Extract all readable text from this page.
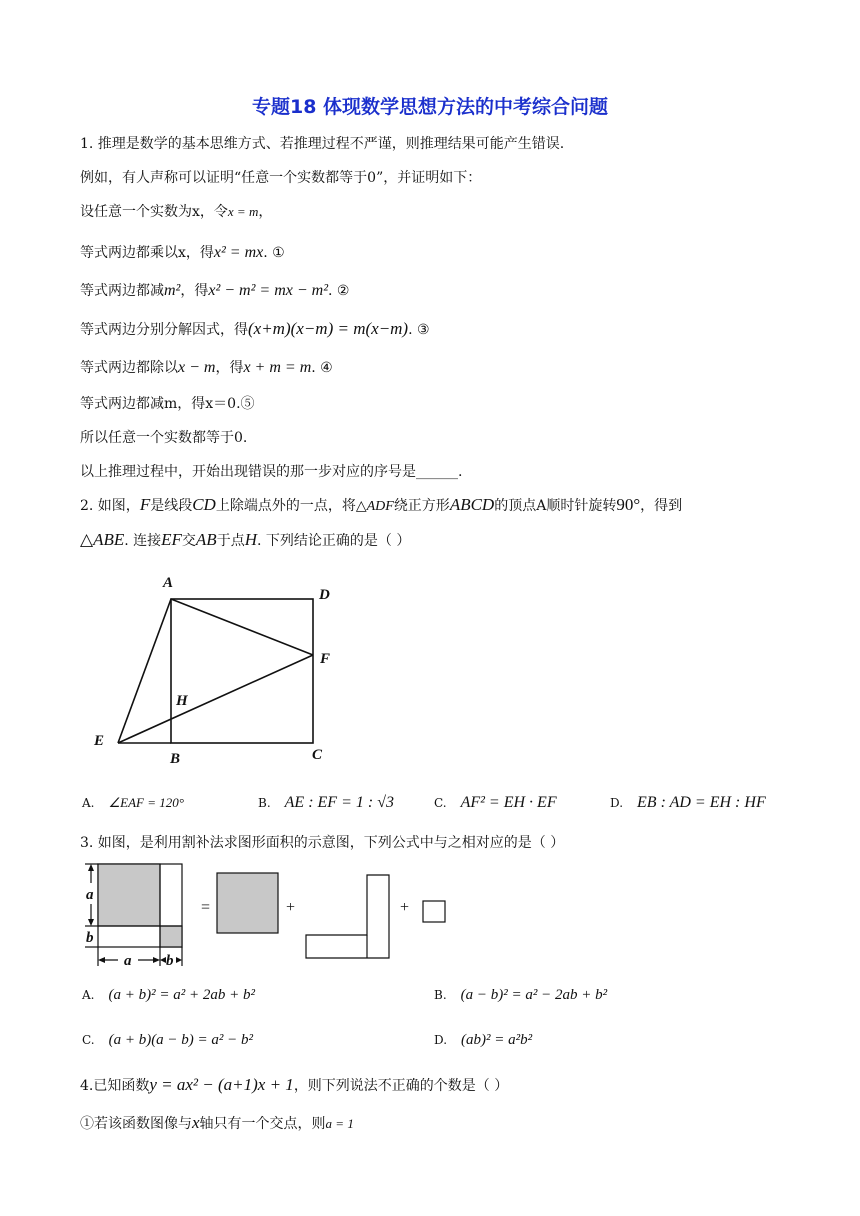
专题18 体现数学思想方法的中考综合问题
1. 推理是数学的基本思维方式、若推理过程不严谨，则推理结果可能产生错误.
例如，有人声称可以证明“任意一个实数都等于0”，并证明如下：
设任意一个实数为x，令x = m，
等式两边都乘以x，得x² = mx. ①
等式两边都减m²，得x² − m² = mx − m². ②
等式两边分别分解因式，得(x+m)(x−m) = m(x−m). ③
等式两边都除以x − m，得x + m = m. ④
等式两边都减m，得x＝0.⑤
所以任意一个实数都等于0.
以上推理过程中，开始出现错误的那一步对应的序号是______.
2. 如图，F是线段CD上除端点外的一点，将△ADF绕正方形ABCD的顶点A顺时针旋转90°，得到
△ABE. 连接EF交AB于点H. 下列结论正确的是（ ）
A
D
F
H
E
B	C
A. ∠EAF = 120°	B. AE : EF = 1 : √3	C. AF² = EH · EF	D. EB : AD = EH : HF
3. 如图，是利用割补法求图形面积的示意图，下列公式中与之相对应的是（ ）
a
b
a b
=	+	+
A. (a + b)² = a² + 2ab + b²	B. (a − b)² = a² − 2ab + b²
C. (a + b)(a − b) = a² − b²	D. (ab)² = a²b²
4.已知函数y = ax² − (a+1)x + 1，则下列说法不正确的个数是（ ）
①若该函数图像与x轴只有一个交点，则a = 1
